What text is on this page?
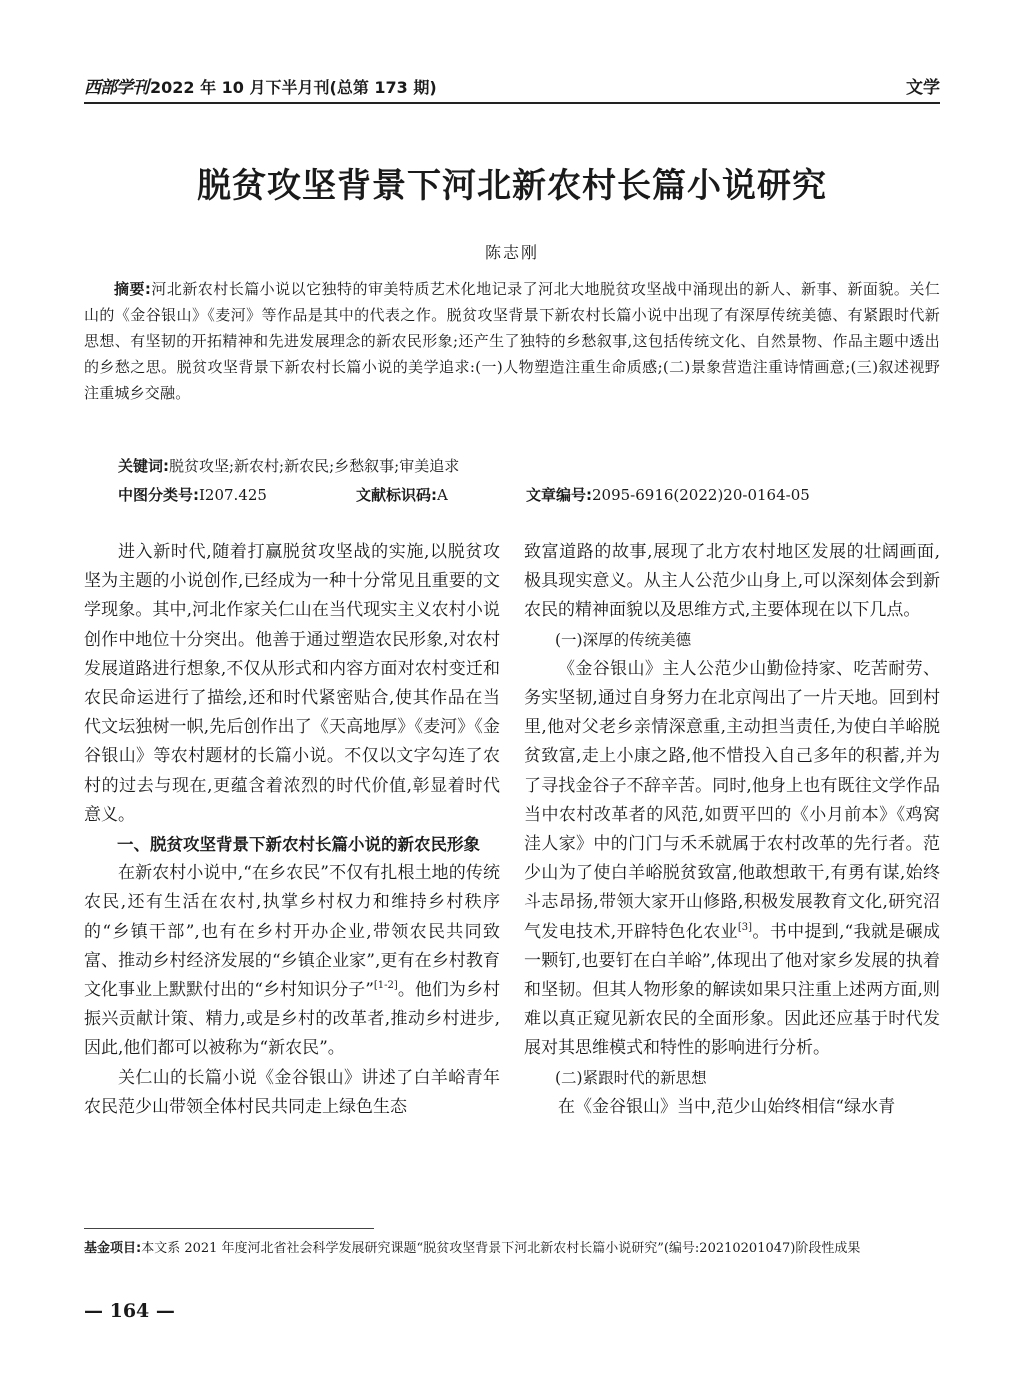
西部学刊 2022 年 10 月下半月刊(总第 173 期)	文学
脱贫攻坚背景下河北新农村长篇小说研究
陈志刚
摘要:河北新农村长篇小说以它独特的审美特质艺术化地记录了河北大地脱贫攻坚战中涌现出的新人、新事、新面貌。关仁山的《金谷银山》《麦河》等作品是其中的代表之作。脱贫攻坚背景下新农村长篇小说中出现了有深厚传统美德、有紧跟时代新思想、有坚韧的开拓精神和先进发展理念的新农民形象;还产生了独特的乡愁叙事,这包括传统文化、自然景物、作品主题中透出的乡愁之思。脱贫攻坚背景下新农村长篇小说的美学追求:(一)人物塑造注重生命质感;(二)景象营造注重诗情画意;(三)叙述视野注重城乡交融。
关键词:脱贫攻坚;新农村;新农民;乡愁叙事;审美追求
中图分类号:I207.425	文献标识码:A	文章编号:2095-6916(2022)20-0164-05

进入新时代,随着打赢脱贫攻坚战的实施,以脱贫攻坚为主题的小说创作,已经成为一种十分常见且重要的文学现象。其中,河北作家关仁山在当代现实主义农村小说创作中地位十分突出。他善于通过塑造农民形象,对农村发展道路进行想象,不仅从形式和内容方面对农村变迁和农民命运进行了描绘,还和时代紧密贴合,使其作品在当代文坛独树一帜,先后创作出了《天高地厚》《麦河》《金谷银山》等农村题材的长篇小说。不仅以文字勾连了农村的过去与现在,更蕴含着浓烈的时代价值,彰显着时代意义。

一、脱贫攻坚背景下新农村长篇小说的新农民形象

在新农村小说中,“在乡农民”不仅有扎根土地的传统农民,还有生活在农村,执掌乡村权力和维持乡村秩序的“乡镇干部”,也有在乡村开办企业,带领农民共同致富、推动乡村经济发展的“乡镇企业家”,更有在乡村教育文化事业上默默付出的“乡村知识分子”[1-2]。他们为乡村振兴贡献计策、精力,或是乡村的改革者,推动乡村进步,因此,他们都可以被称为“新农民”。

关仁山的长篇小说《金谷银山》讲述了白羊峪青年农民范少山带领全体村民共同走上绿色生态

致富道路的故事,展现了北方农村地区发展的壮阔画面,极具现实意义。从主人公范少山身上,可以深刻体会到新农民的精神面貌以及思维方式,主要体现在以下几点。

(一)深厚的传统美德

《金谷银山》主人公范少山勤俭持家、吃苦耐劳、务实坚韧,通过自身努力在北京闯出了一片天地。回到村里,他对父老乡亲情深意重,主动担当责任,为使白羊峪脱贫致富,走上小康之路,他不惜投入自己多年的积蓄,并为了寻找金谷子不辞辛苦。同时,他身上也有既往文学作品当中农村改革者的风范,如贾平凹的《小月前本》《鸡窝洼人家》中的门门与禾禾就属于农村改革的先行者。范少山为了使白羊峪脱贫致富,他敢想敢干,有勇有谋,始终斗志昂扬,带领大家开山修路,积极发展教育文化,研究沼气发电技术,开辟特色化农业[3]。书中提到,“我就是碾成一颗钉,也要钉在白羊峪”,体现出了他对家乡发展的执着和坚韧。但其人物形象的解读如果只注重上述两方面,则难以真正窥见新农民的全面形象。因此还应基于时代发展对其思维模式和特性的影响进行分析。

(二)紧跟时代的新思想

在《金谷银山》当中,范少山始终相信“绿水青

基金项目:本文系 2021 年度河北省社会科学发展研究课题“脱贫攻坚背景下河北新农村长篇小说研究”(编号:20210201047)阶段性成果
— 164 —
